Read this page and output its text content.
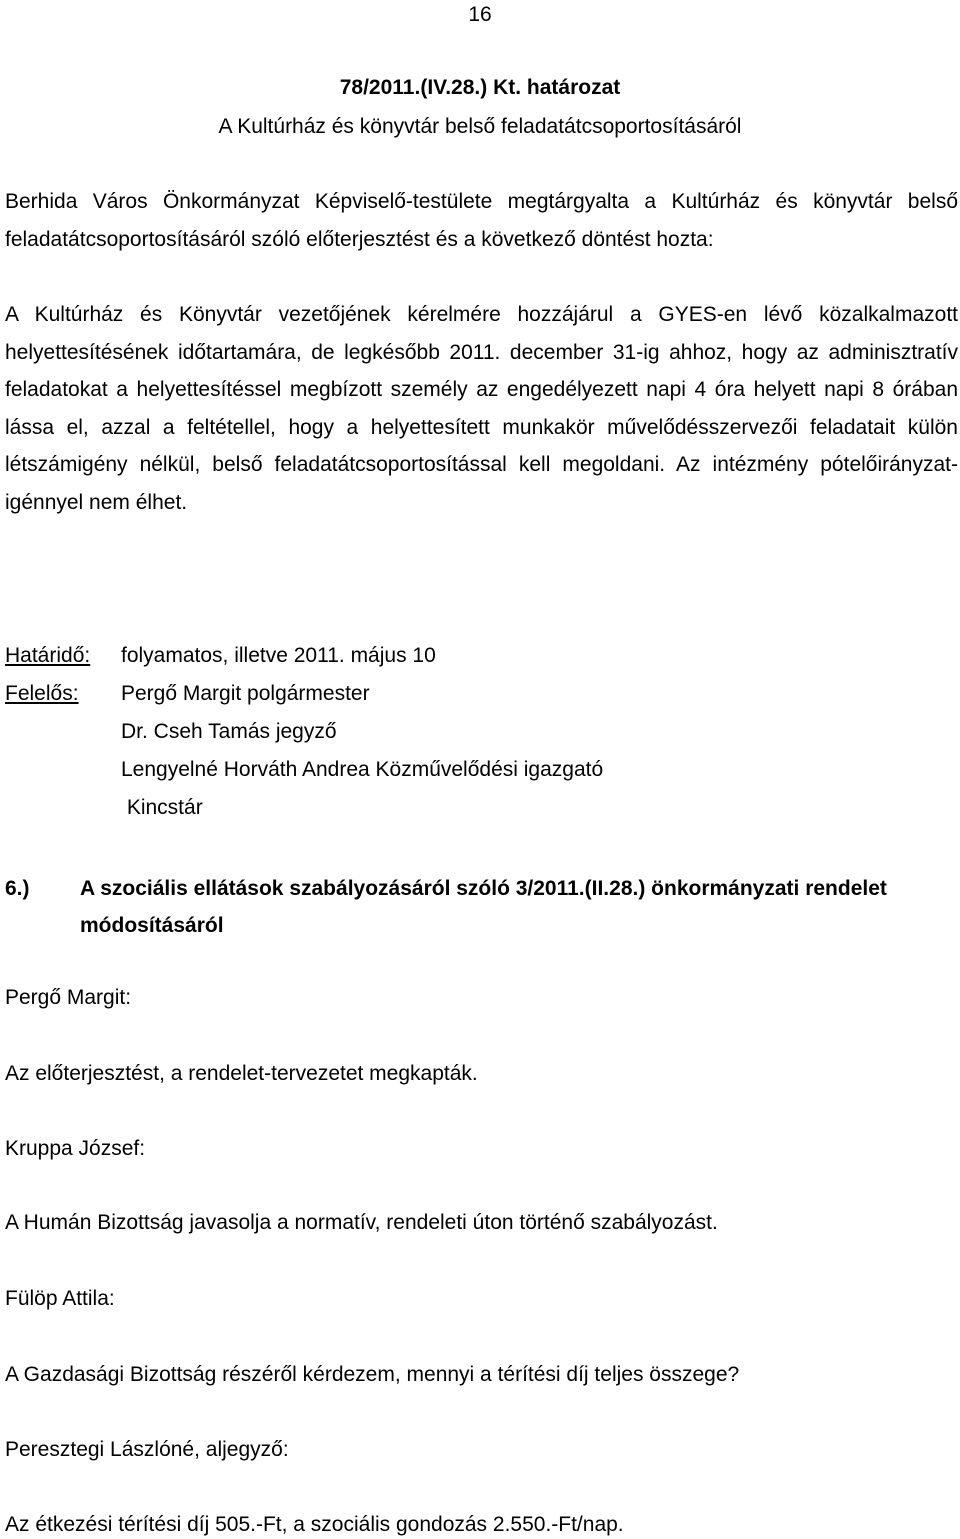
16
78/2011.(IV.28.) Kt. határozat
A Kultúrház és könyvtár belső feladatátcsoportosításáról

Berhida Város Önkormányzat Képviselő-testülete megtárgyalta a Kultúrház és könyvtár belső feladatátcsoportosításáról szóló előterjesztést és a következő döntést hozta:

A Kultúrház és Könyvtár vezetőjének kérelmére hozzájárul a GYES-en lévő közalkalmazott helyettesítésének időtartamára, de legkésőbb 2011. december 31-ig ahhoz, hogy az adminisztratív feladatokat a helyettesítéssel megbízott személy az engedélyezett napi 4 óra helyett napi 8 órában lássa el, azzal a feltétellel, hogy a helyettesített munkakör művelődésszervezői feladatait külön létszámigény nélkül, belső feladatátcsoportosítással kell megoldani. Az intézmény pótelőirányzat-igénnyel nem élhet.

Határidő: folyamatos, illetve 2011. május 10
Felelős: Pergő Margit polgármester
Dr. Cseh Tamás jegyző
Lengyelné Horváth Andrea Közművelődési igazgató
Kincstár
6.) A szociális ellátások szabályozásáról szóló 3/2011.(II.28.) önkormányzati rendelet módosításáról
Pergő Margit:
Az előterjesztést, a rendelet-tervezetet megkapták.
Kruppa József:
A Humán Bizottság javasolja a normatív, rendeleti úton történő szabályozást.
Fülöp Attila:
A Gazdasági Bizottság részéről kérdezem, mennyi a térítési díj teljes összege?
Peresztegi Lászlóné, aljegyző:
Az étkezési térítési díj 505.-Ft, a szociális gondozás 2.550.-Ft/nap.
